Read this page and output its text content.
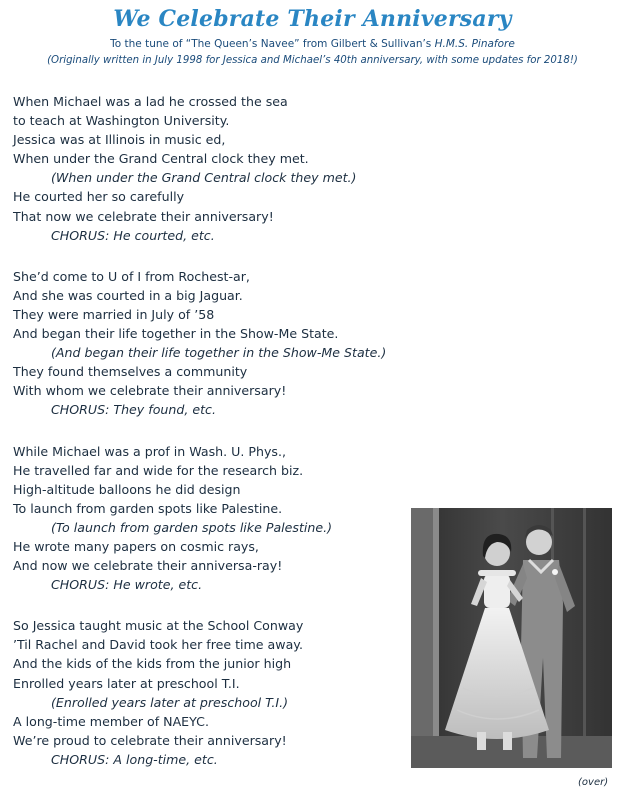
We Celebrate Their Anniversary

To the tune of “The Queen’s Navee” from Gilbert & Sullivan’s H.M.S. Pinafore

(Originally written in July 1998 for Jessica and Michael’s 40th anniversary, with some updates for 2018!)

When Michael was a lad he crossed the sea
to teach at Washington University.
Jessica was at Illinois in music ed,
When under the Grand Central clock they met.
(When under the Grand Central clock they met.)
He courted her so carefully
That now we celebrate their anniversary!
CHORUS: He courted, etc.
She’d come to U of I from Rochest-ar,
And she was courted in a big Jaguar.
They were married in July of ’58
And began their life together in the Show-Me State.
(And began their life together in the Show-Me State.)
They found themselves a community
With whom we celebrate their anniversary!
CHORUS: They found, etc.
While Michael was a prof in Wash. U. Phys.,
He travelled far and wide for the research biz.
High-altitude balloons he did design
To launch from garden spots like Palestine.
(To launch from garden spots like Palestine.)
He wrote many papers on cosmic rays,
And now we celebrate their anniversa-ray!
CHORUS: He wrote, etc.
So Jessica taught music at the School Conway
’Til Rachel and David took her free time away.
And the kids of the kids from the junior high
Enrolled years later at preschool T.I.
(Enrolled years later at preschool T.I.)
A long-time member of NAEYC.
We’re proud to celebrate their anniversary!
CHORUS: A long-time, etc.
(over)
